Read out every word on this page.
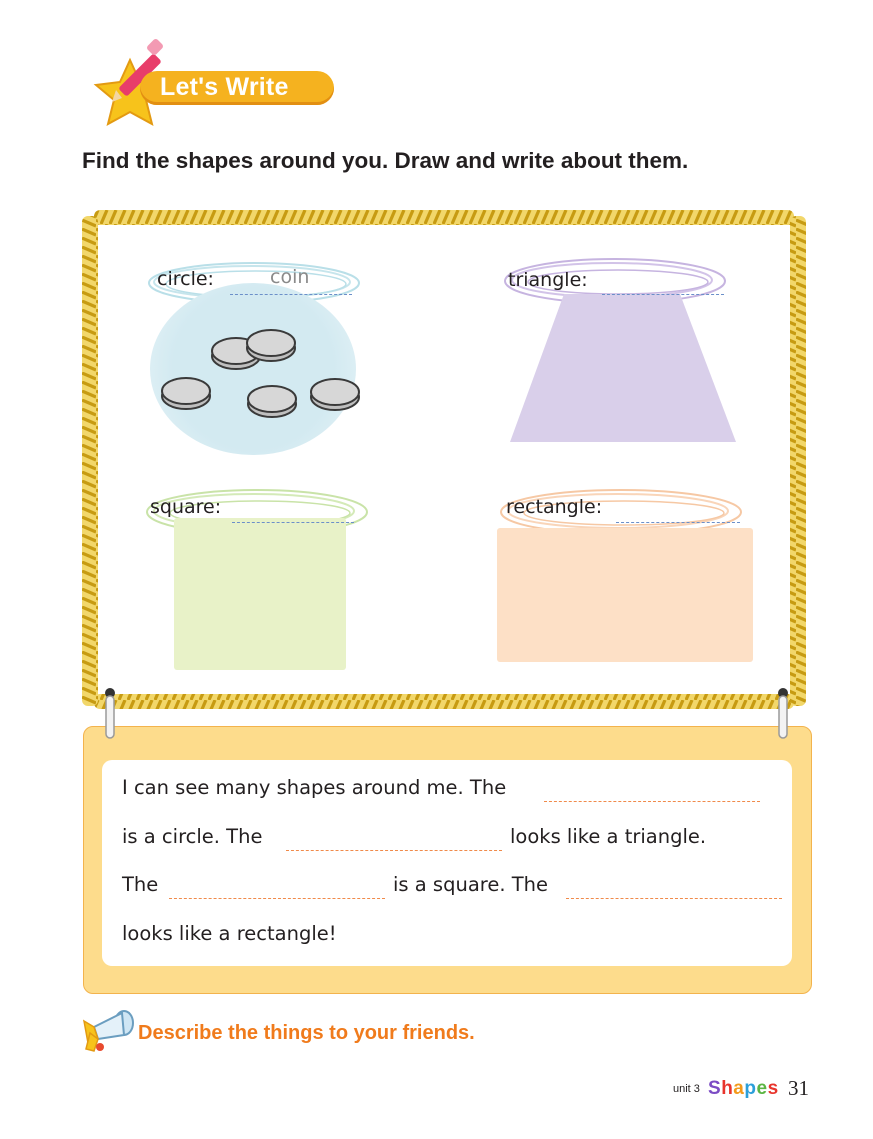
Let's Write
Find the shapes around you. Draw and write about them.
circle:	coin	triangle:
square:	rectangle:
I can see many shapes around me. The
is a circle. The	looks like a triangle.
The	is a square. The
looks like a rectangle!
Describe the things to your friends.
unit 3 Shapes 31
